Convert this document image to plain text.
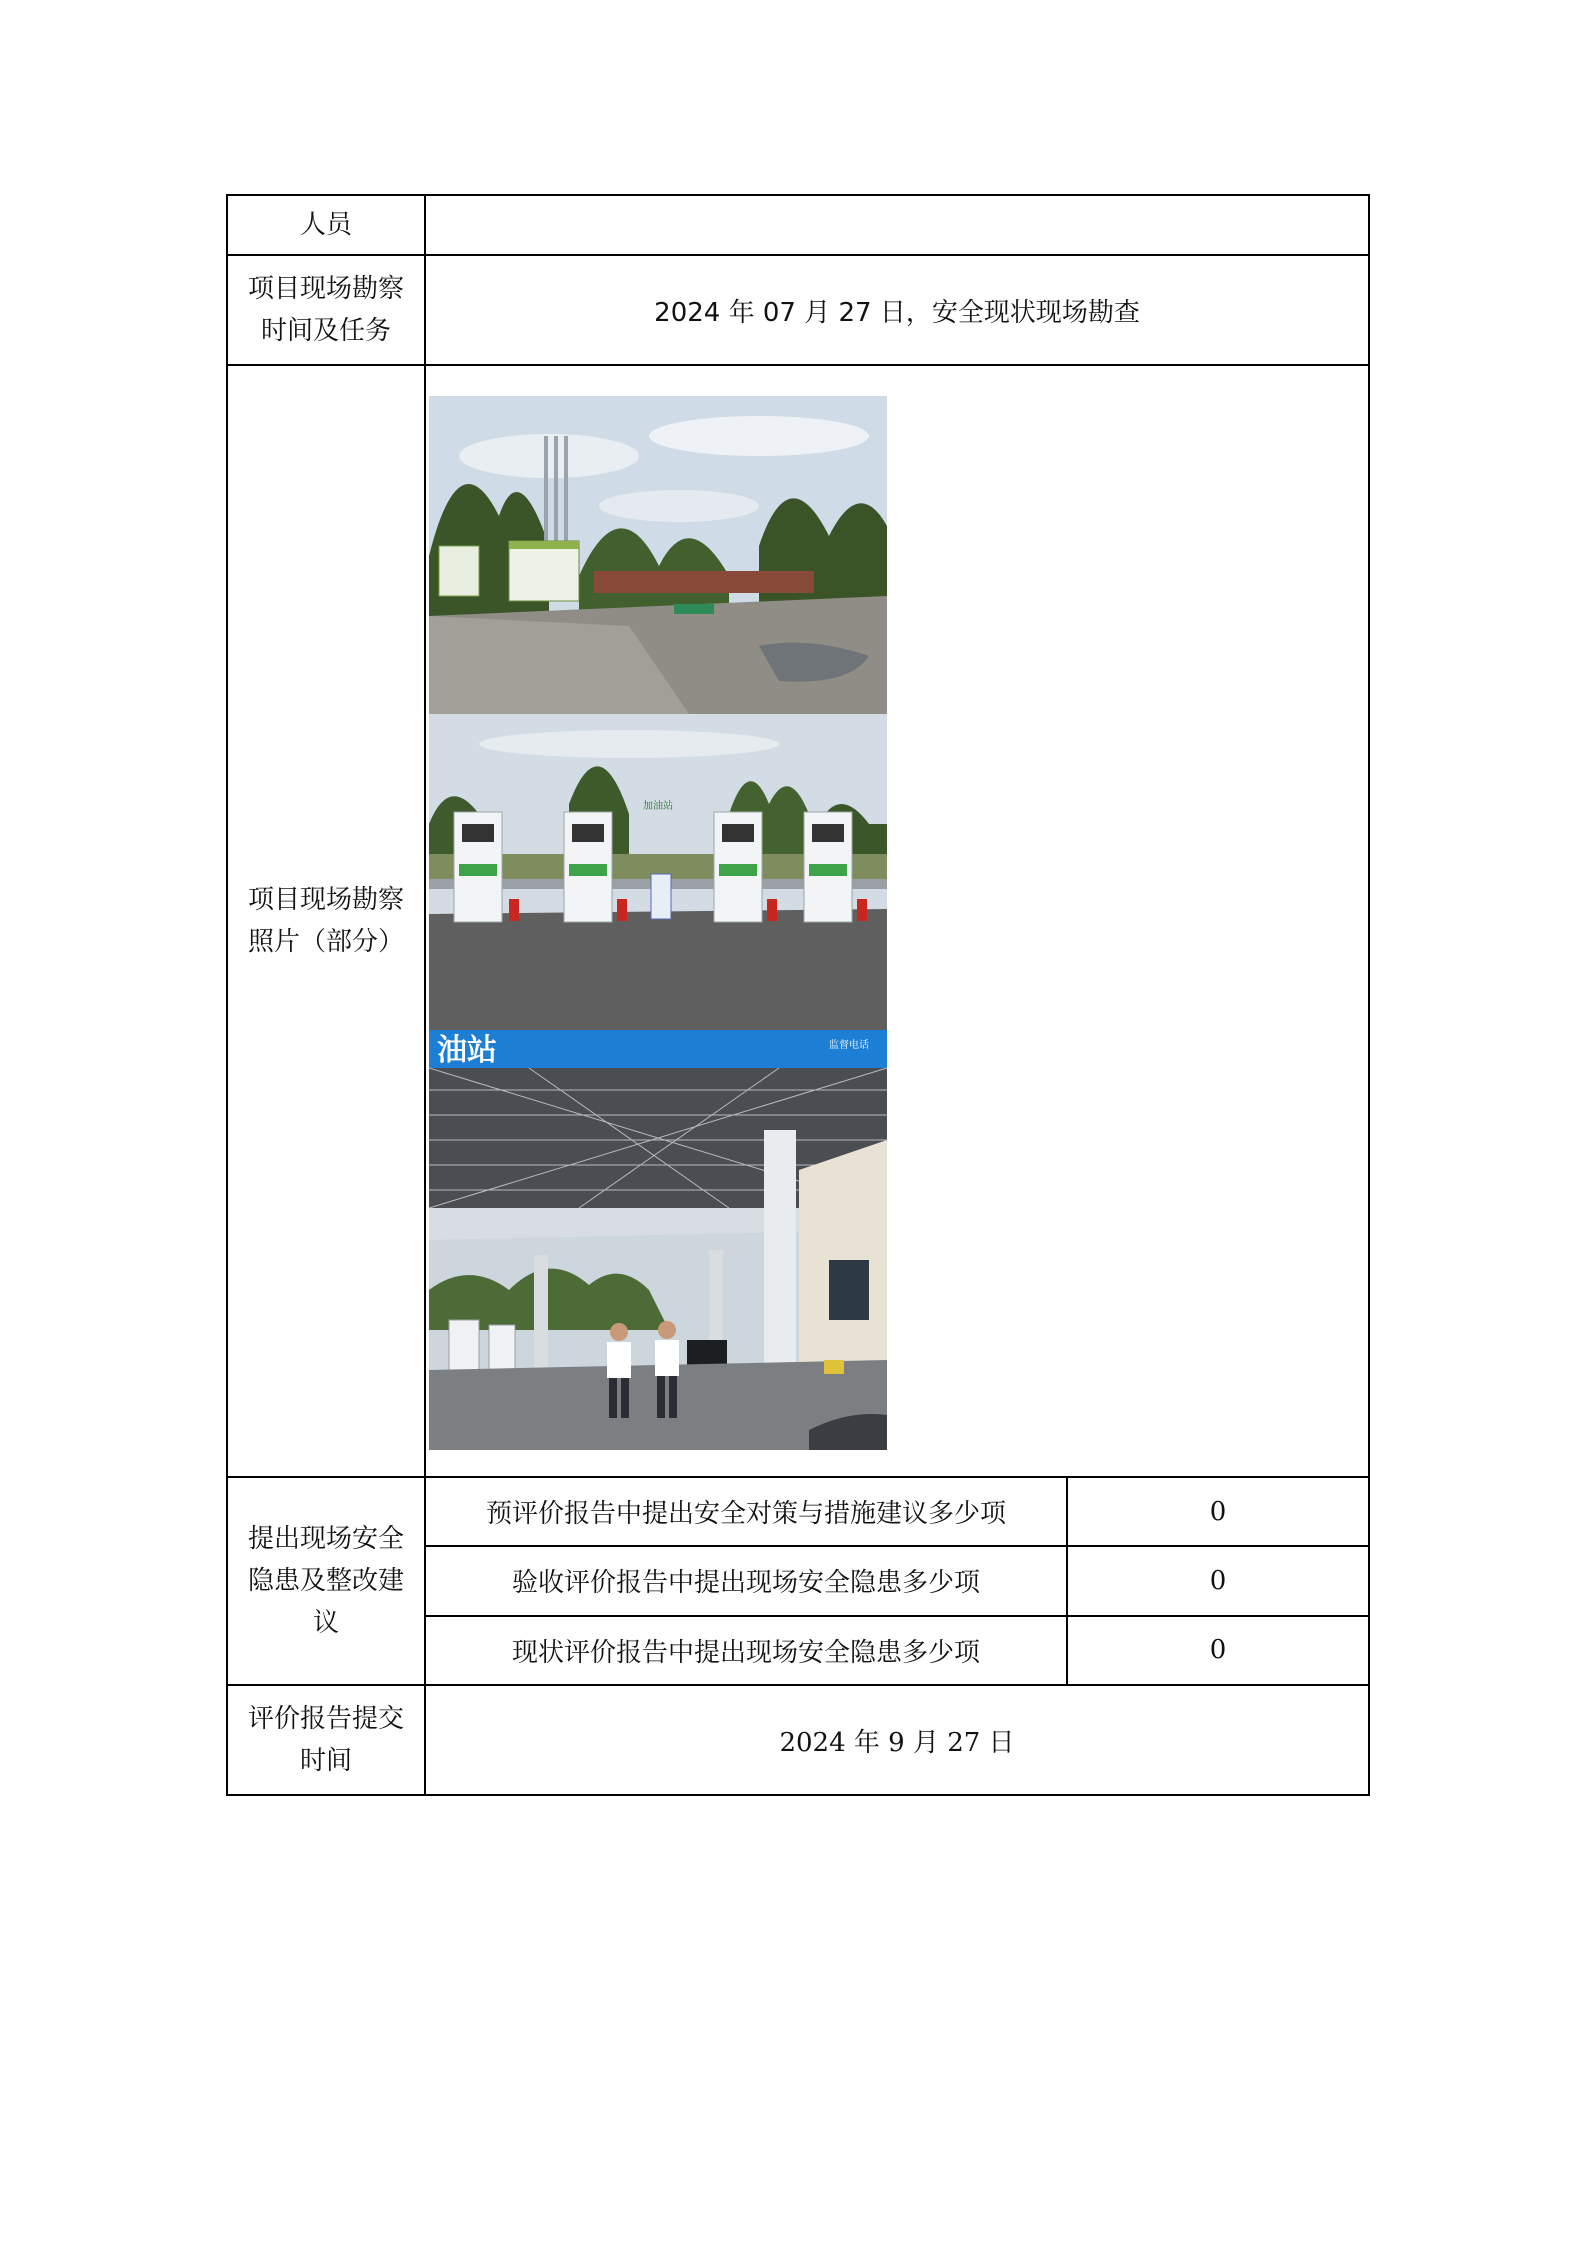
人员	
项目现场勘察时间及任务	2024 年 07 月 27 日，安全现状现场勘查
项目现场勘察照片（部分）	
加油站
油站	监督电话

提出现场安全隐患及整改建议	
预评价报告中提出安全对策与措施建议多少项	0
验收评价报告中提出现场安全隐患多少项	0
现状评价报告中提出现场安全隐患多少项	0

评价报告提交时间	2024 年 9 月 27 日
